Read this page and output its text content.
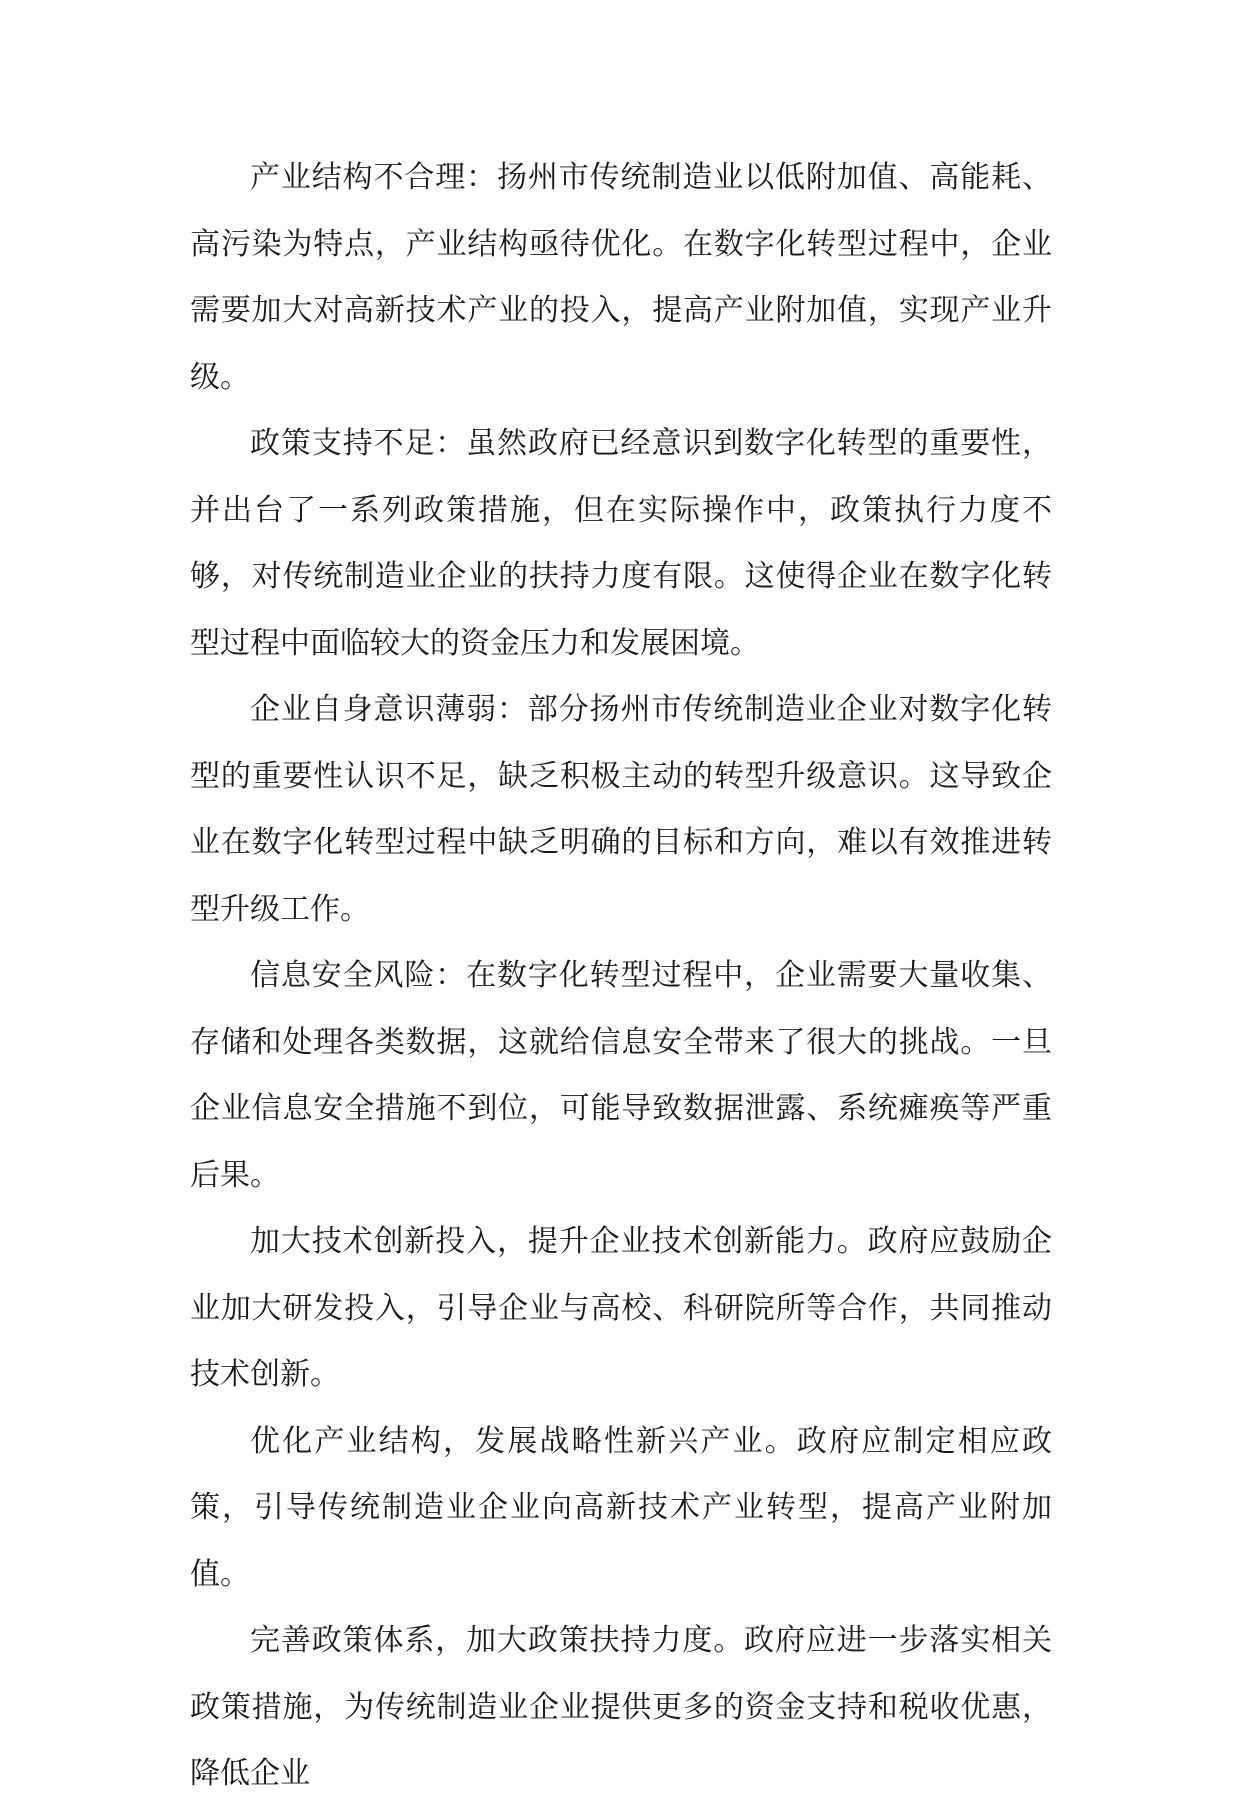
产业结构不合理：扬州市传统制造业以低附加值、高能耗、高污染为特点，产业结构亟待优化。在数字化转型过程中，企业需要加大对高新技术产业的投入，提高产业附加值，实现产业升级。

政策支持不足：虽然政府已经意识到数字化转型的重要性，并出台了一系列政策措施，但在实际操作中，政策执行力度不够，对传统制造业企业的扶持力度有限。这使得企业在数字化转型过程中面临较大的资金压力和发展困境。

企业自身意识薄弱：部分扬州市传统制造业企业对数字化转型的重要性认识不足，缺乏积极主动的转型升级意识。这导致企业在数字化转型过程中缺乏明确的目标和方向，难以有效推进转型升级工作。

信息安全风险：在数字化转型过程中，企业需要大量收集、存储和处理各类数据，这就给信息安全带来了很大的挑战。一旦企业信息安全措施不到位，可能导致数据泄露、系统瘫痪等严重后果。

加大技术创新投入，提升企业技术创新能力。政府应鼓励企业加大研发投入，引导企业与高校、科研院所等合作，共同推动技术创新。

优化产业结构，发展战略性新兴产业。政府应制定相应政策，引导传统制造业企业向高新技术产业转型，提高产业附加值。

完善政策体系，加大政策扶持力度。政府应进一步落实相关政策措施，为传统制造业企业提供更多的资金支持和税收优惠，降低企业
